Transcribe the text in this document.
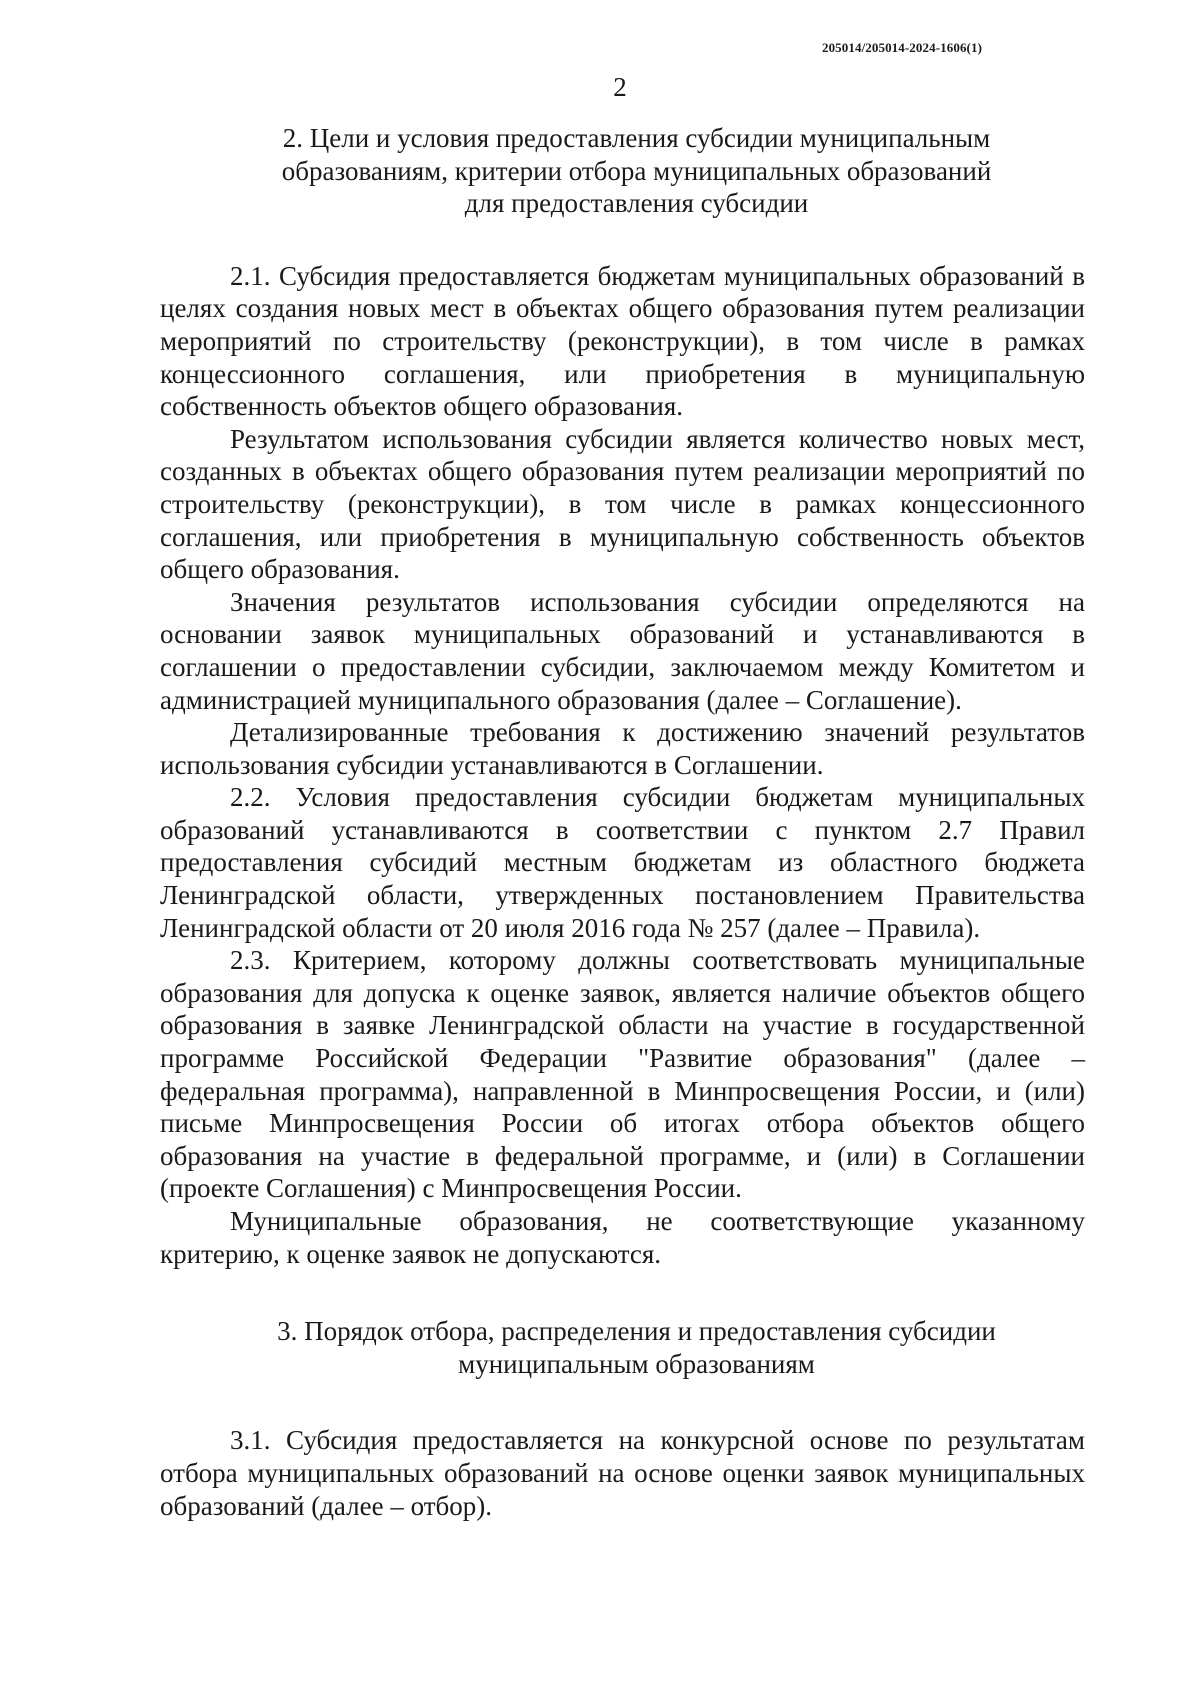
205014/205014-2024-1606(1)
2
2. Цели и условия предоставления субсидии муниципальным
образованиям, критерии отбора муниципальных образований
для предоставления субсидии

2.1. Субсидия предоставляется бюджетам муниципальных образований в целях создания новых мест в объектах общего образования путем реализации мероприятий по строительству (реконструкции), в том числе в рамках концессионного соглашения, или приобретения в муниципальную собственность объектов общего образования.

Результатом использования субсидии является количество новых мест, созданных в объектах общего образования путем реализации мероприятий по строительству (реконструкции), в том числе в рамках концессионного соглашения, или приобретения в муниципальную собственность объектов общего образования.

Значения результатов использования субсидии определяются на основании заявок муниципальных образований и устанавливаются в соглашении о предоставлении субсидии, заключаемом между Комитетом и администрацией муниципального образования (далее – Соглашение).

Детализированные требования к достижению значений результатов использования субсидии устанавливаются в Соглашении.

2.2. Условия предоставления субсидии бюджетам муниципальных образований устанавливаются в соответствии с пунктом 2.7 Правил предоставления субсидий местным бюджетам из областного бюджета Ленинградской области, утвержденных постановлением Правительства Ленинградской области от 20 июля 2016 года № 257 (далее – Правила).

2.3. Критерием, которому должны соответствовать муниципальные образования для допуска к оценке заявок, является наличие объектов общего образования в заявке Ленинградской области на участие в государственной программе Российской Федерации "Развитие образования" (далее – федеральная программа), направленной в Минпросвещения России, и (или) письме Минпросвещения России об итогах отбора объектов общего образования на участие в федеральной программе, и (или) в Соглашении (проекте Соглашения) с Минпросвещения России.

Муниципальные образования, не соответствующие указанному критерию, к оценке заявок не допускаются.

3. Порядок отбора, распределения и предоставления субсидии
муниципальным образованиям

3.1. Субсидия предоставляется на конкурсной основе по результатам отбора муниципальных образований на основе оценки заявок муниципальных образований (далее – отбор).
